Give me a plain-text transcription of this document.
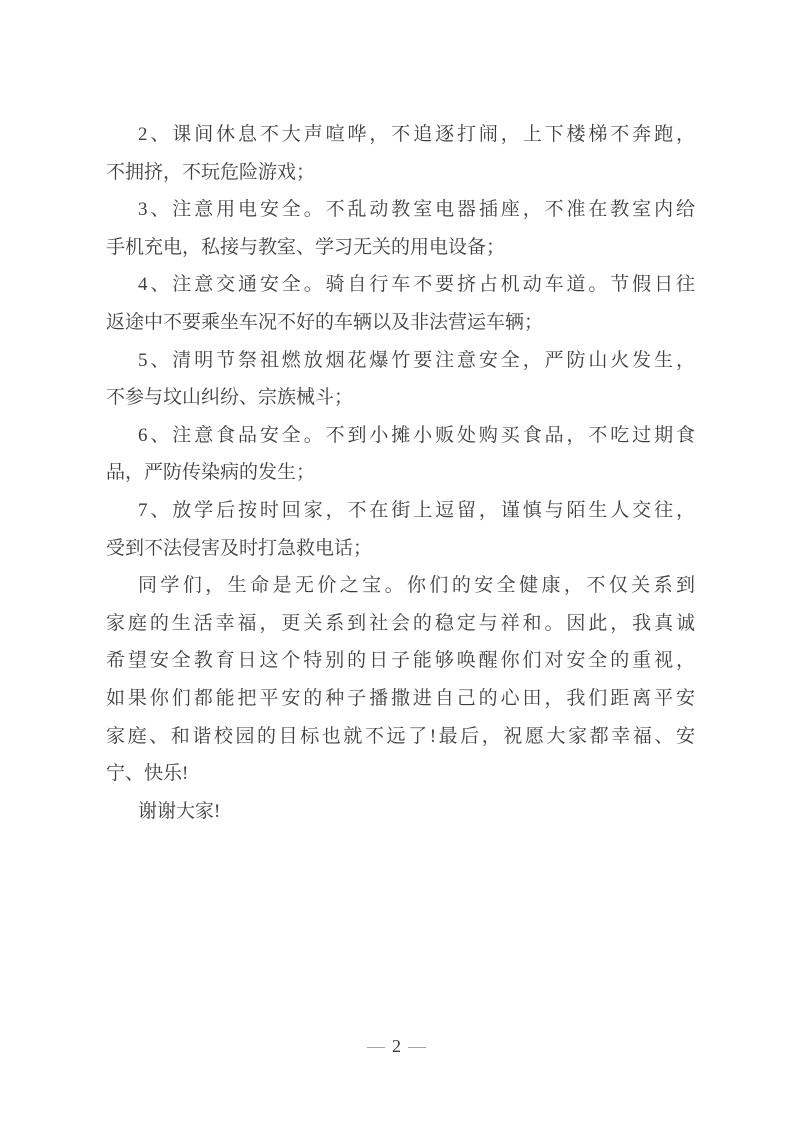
2、课间休息不大声喧哗，不追逐打闹，上下楼梯不奔跑，
不拥挤，不玩危险游戏；
3、注意用电安全。不乱动教室电器插座，不准在教室内给
手机充电，私接与教室、学习无关的用电设备；
4、注意交通安全。骑自行车不要挤占机动车道。节假日往
返途中不要乘坐车况不好的车辆以及非法营运车辆；
5、清明节祭祖燃放烟花爆竹要注意安全，严防山火发生，
不参与坟山纠纷、宗族械斗；
6、注意食品安全。不到小摊小贩处购买食品，不吃过期食
品，严防传染病的发生；
7、放学后按时回家，不在街上逗留，谨慎与陌生人交往，
受到不法侵害及时打急救电话；
同学们，生命是无价之宝。你们的安全健康，不仅关系到
家庭的生活幸福，更关系到社会的稳定与祥和。因此，我真诚
希望安全教育日这个特别的日子能够唤醒你们对安全的重视，
如果你们都能把平安的种子播撒进自己的心田，我们距离平安
家庭、和谐校园的目标也就不远了!最后，祝愿大家都幸福、安
宁、快乐!
谢谢大家!
— 2 —
